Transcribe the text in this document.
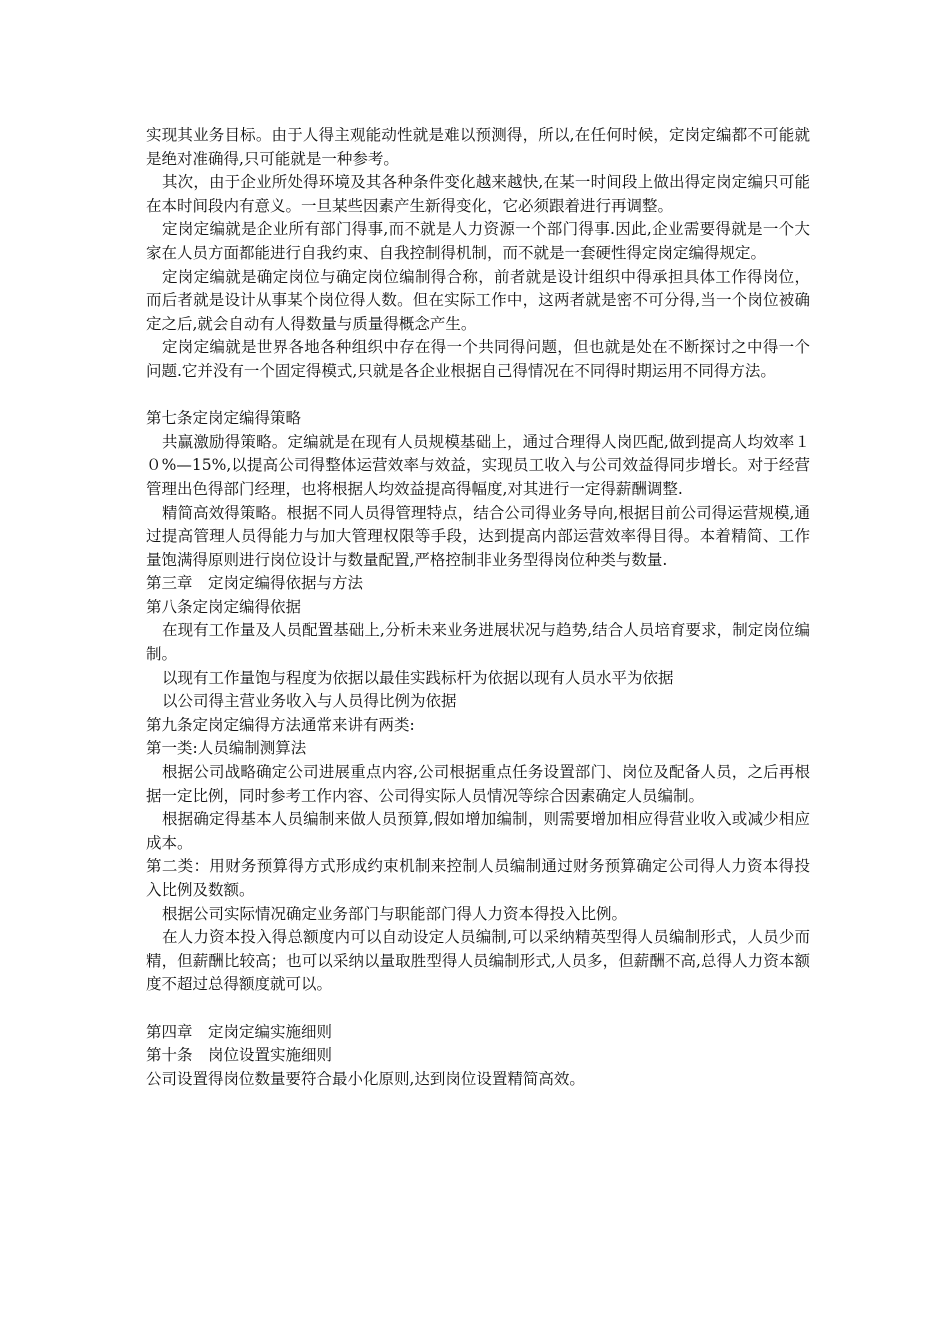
实现其业务目标。由于人得主观能动性就是难以预测得，所以,在任何时候，定岗定编都不可能就是绝对准确得,只可能就是一种参考。

其次，由于企业所处得环境及其各种条件变化越来越快,在某一时间段上做出得定岗定编只可能在本时间段内有意义。一旦某些因素产生新得变化，它必须跟着进行再调整。

定岗定编就是企业所有部门得事,而不就是人力资源一个部门得事.因此,企业需要得就是一个大家在人员方面都能进行自我约束、自我控制得机制，而不就是一套硬性得定岗定编得规定。

定岗定编就是确定岗位与确定岗位编制得合称，前者就是设计组织中得承担具体工作得岗位，而后者就是设计从事某个岗位得人数。但在实际工作中，这两者就是密不可分得,当一个岗位被确定之后,就会自动有人得数量与质量得概念产生。

定岗定编就是世界各地各种组织中存在得一个共同得问题，但也就是处在不断探讨之中得一个问题.它并没有一个固定得模式,只就是各企业根据自己得情况在不同得时期运用不同得方法。

第七条定岗定编得策略

共赢激励得策略。定编就是在现有人员规模基础上，通过合理得人岗匹配,做到提高人均效率１０%—15%,以提高公司得整体运营效率与效益，实现员工收入与公司效益得同步增长。对于经营管理出色得部门经理，也将根据人均效益提高得幅度,对其进行一定得薪酬调整.

精简高效得策略。根据不同人员得管理特点，结合公司得业务导向,根据目前公司得运营规模,通过提高管理人员得能力与加大管理权限等手段，达到提高内部运营效率得目得。本着精简、工作量饱满得原则进行岗位设计与数量配置,严格控制非业务型得岗位种类与数量.

第三章　定岗定编得依据与方法

第八条定岗定编得依据

在现有工作量及人员配置基础上,分析未来业务进展状况与趋势,结合人员培育要求，制定岗位编制。

以现有工作量饱与程度为依据以最佳实践标杆为依据以现有人员水平为依据

以公司得主营业务收入与人员得比例为依据

第九条定岗定编得方法通常来讲有两类:

第一类:人员编制测算法

根据公司战略确定公司进展重点内容,公司根据重点任务设置部门、岗位及配备人员，之后再根据一定比例，同时参考工作内容、公司得实际人员情况等综合因素确定人员编制。

根据确定得基本人员编制来做人员预算,假如增加编制，则需要增加相应得营业收入或减少相应成本。

第二类：用财务预算得方式形成约束机制来控制人员编制通过财务预算确定公司得人力资本得投入比例及数额。

根据公司实际情况确定业务部门与职能部门得人力资本得投入比例。

在人力资本投入得总额度内可以自动设定人员编制,可以采纳精英型得人员编制形式，人员少而精，但薪酬比较高；也可以采纳以量取胜型得人员编制形式,人员多，但薪酬不高,总得人力资本额度不超过总得额度就可以。

第四章　定岗定编实施细则

第十条　岗位设置实施细则

公司设置得岗位数量要符合最小化原则,达到岗位设置精简高效。
